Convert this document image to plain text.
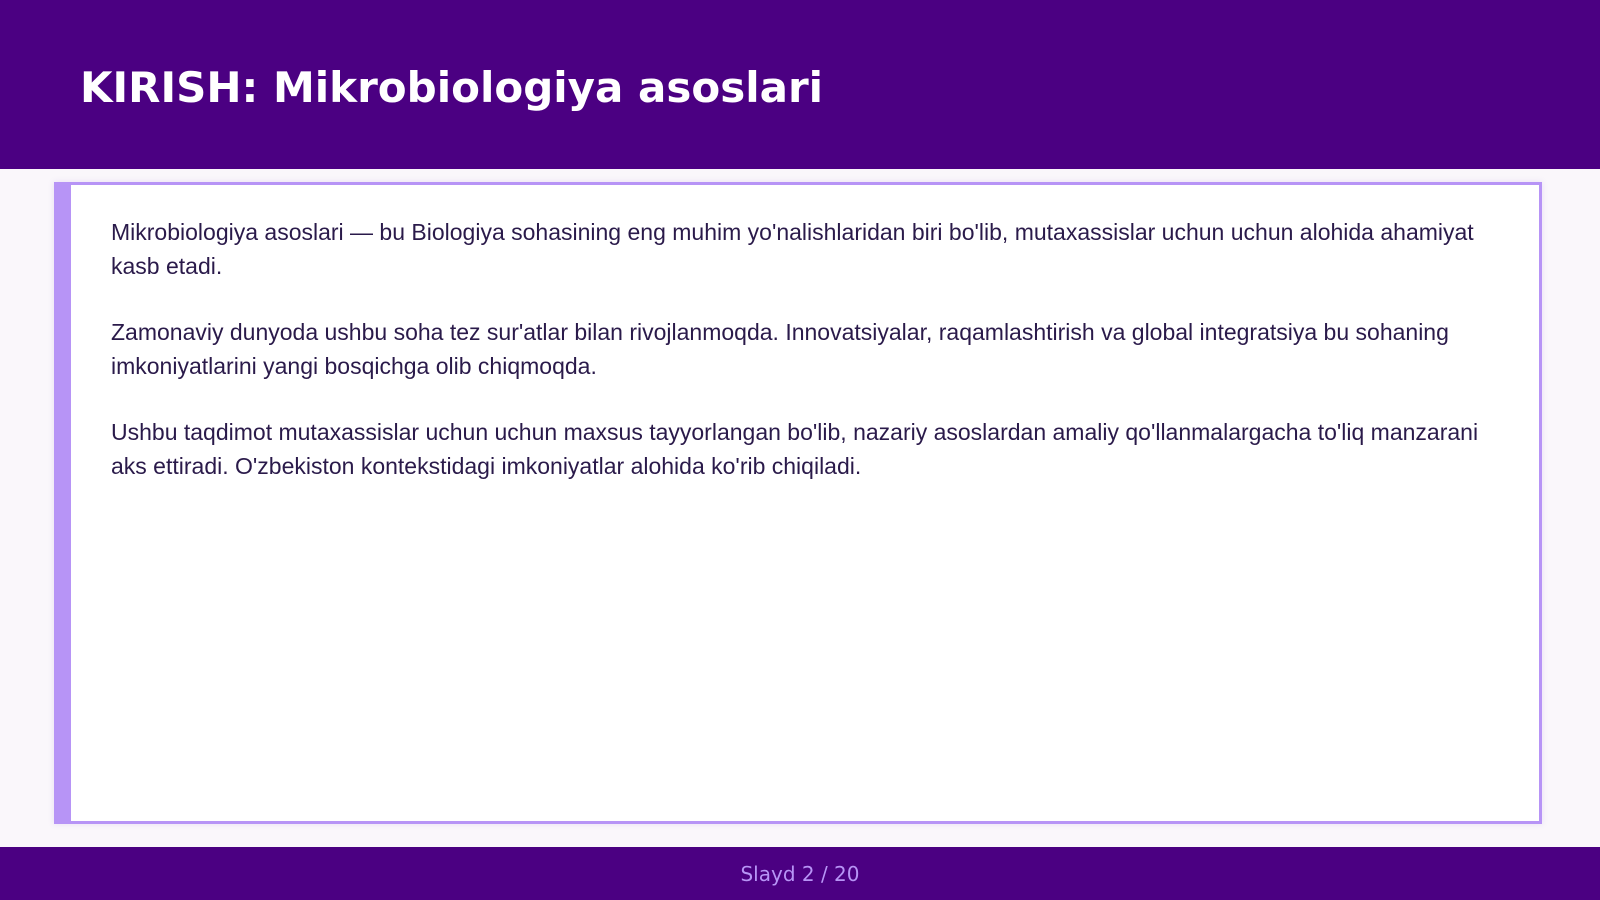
KIRISH: Mikrobiologiya asoslari

Mikrobiologiya asoslari — bu Biologiya sohasining eng muhim yo'nalishlaridan biri bo'lib, mutaxassislar uchun uchun alohida ahamiyat kasb etadi.

Zamonaviy dunyoda ushbu soha tez sur'atlar bilan rivojlanmoqda. Innovatsiyalar, raqamlashtirish va global integratsiya bu sohaning imkoniyatlarini yangi bosqichga olib chiqmoqda.

Ushbu taqdimot mutaxassislar uchun uchun maxsus tayyorlangan bo'lib, nazariy asoslardan amaliy qo'llanmalargacha to'liq manzarani aks ettiradi. O'zbekiston kontekstidagi imkoniyatlar alohida ko'rib chiqiladi.

Slayd 2 / 20
